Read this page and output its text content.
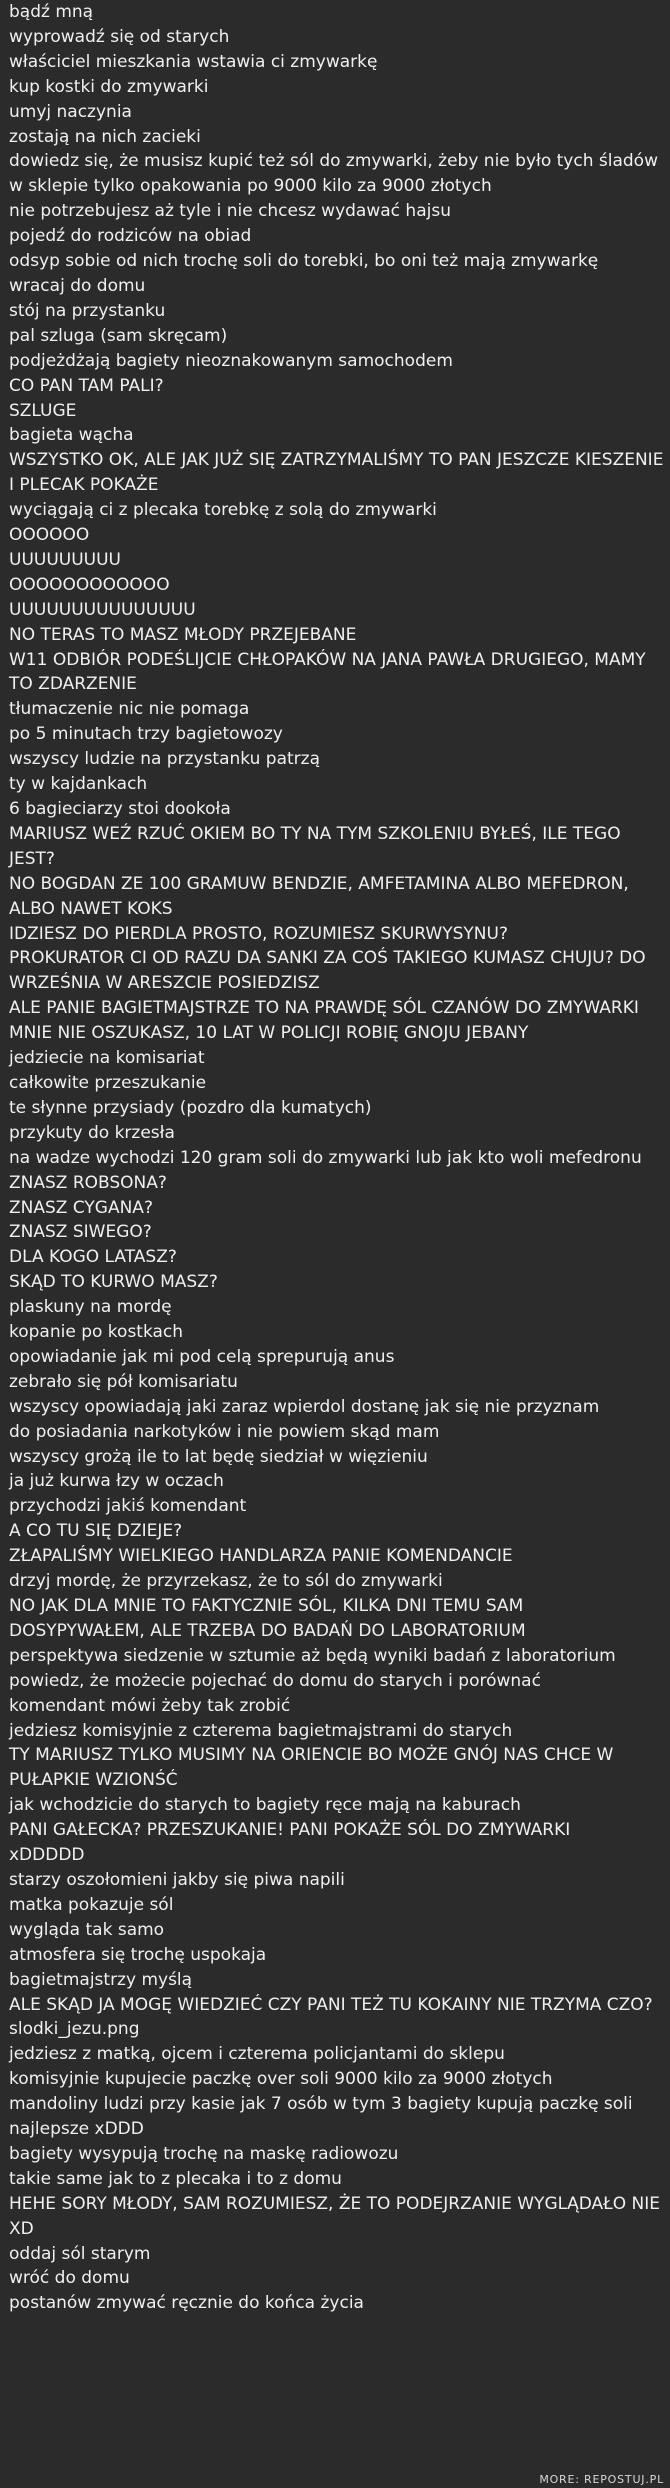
bądź mną
wyprowadź się od starych
właściciel mieszkania wstawia ci zmywarkę
kup kostki do zmywarki
umyj naczynia
zostają na nich zacieki
dowiedz się, że musisz kupić też sól do zmywarki, żeby nie było tych śladów
w sklepie tylko opakowania po 9000 kilo za 9000 złotych
nie potrzebujesz aż tyle i nie chcesz wydawać hajsu
pojedź do rodziców na obiad
odsyp sobie od nich trochę soli do torebki, bo oni też mają zmywarkę
wracaj do domu
stój na przystanku
pal szluga (sam skręcam)
podjeżdżają bagiety nieoznakowanym samochodem
CO PAN TAM PALI?
SZLUGE
bagieta wącha
WSZYSTKO OK, ALE JAK JUŻ SIĘ ZATRZYMALIŚMY TO PAN JESZCZE KIESZENIE I PLECAK POKAŻE
wyciągają ci z plecaka torebkę z solą do zmywarki
OOOOOO
UUUUUUUUU
OOOOOOOOOOOO
UUUUUUUUUUUUUUU
NO TERAS TO MASZ MŁODY PRZEJEBANE
W11 ODBIÓR PODEŚLIJCIE CHŁOPAKÓW NA JANA PAWŁA DRUGIEGO, MAMY TO ZDARZENIE
tłumaczenie nic nie pomaga
po 5 minutach trzy bagietowozy
wszyscy ludzie na przystanku patrzą
ty w kajdankach
6 bagieciarzy stoi dookoła
MARIUSZ WEŹ RZUĆ OKIEM BO TY NA TYM SZKOLENIU BYŁEŚ, ILE TEGO JEST?
NO BOGDAN ZE 100 GRAMUW BENDZIE, AMFETAMINA ALBO MEFEDRON, ALBO NAWET KOKS
IDZIESZ DO PIERDLA PROSTO, ROZUMIESZ SKURWYSYNU?
PROKURATOR CI OD RAZU DA SANKI ZA COŚ TAKIEGO KUMASZ CHUJU? DO WRZEŚNIA W ARESZCIE POSIEDZISZ
ALE PANIE BAGIETMAJSTRZE TO NA PRAWDĘ SÓL CZANÓW DO ZMYWARKI
MNIE NIE OSZUKASZ, 10 LAT W POLICJI ROBIĘ GNOJU JEBANY
jedziecie na komisariat
całkowite przeszukanie
te słynne przysiady (pozdro dla kumatych)
przykuty do krzesła
na wadze wychodzi 120 gram soli do zmywarki lub jak kto woli mefedronu
ZNASZ ROBSONA?
ZNASZ CYGANA?
ZNASZ SIWEGO?
DLA KOGO LATASZ?
SKĄD TO KURWO MASZ?
plaskuny na mordę
kopanie po kostkach
opowiadanie jak mi pod celą sprepurują anus
zebrało się pół komisariatu
wszyscy opowiadają jaki zaraz wpierdol dostanę jak się nie przyznam
do posiadania narkotyków i nie powiem skąd mam
wszyscy grożą ile to lat będę siedział w więzieniu
ja już kurwa łzy w oczach
przychodzi jakiś komendant
A CO TU SIĘ DZIEJE?
ZŁAPALIŚMY WIELKIEGO HANDLARZA PANIE KOMENDANCIE
drzyj mordę, że przyrzekasz, że to sól do zmywarki
NO JAK DLA MNIE TO FAKTYCZNIE SÓL, KILKA DNI TEMU SAM DOSYPYWAŁEM, ALE TRZEBA DO BADAŃ DO LABORATORIUM
perspektywa siedzenie w sztumie aż będą wyniki badań z laboratorium
powiedz, że możecie pojechać do domu do starych i porównać
komendant mówi żeby tak zrobić
jedziesz komisyjnie z czterema bagietmajstrami do starych
TY MARIUSZ TYLKO MUSIMY NA ORIENCIE BO MOŻE GNÓJ NAS CHCE W PUŁAPKIE WZIONŚĆ
jak wchodzicie do starych to bagiety ręce mają na kaburach
PANI GAŁECKA? PRZESZUKANIE! PANI POKAŻE SÓL DO ZMYWARKI
xDDDDD
starzy oszołomieni jakby się piwa napili
matka pokazuje sól
wygląda tak samo
atmosfera się trochę uspokaja
bagietmajstrzy myślą
ALE SKĄD JA MOGĘ WIEDZIEĆ CZY PANI TEŻ TU KOKAINY NIE TRZYMA CZO?
slodki_jezu.png
jedziesz z matką, ojcem i czterema policjantami do sklepu
komisyjnie kupujecie paczkę over soli 9000 kilo za 9000 złotych
mandoliny ludzi przy kasie jak 7 osób w tym 3 bagiety kupują paczkę soli najlepsze xDDD
bagiety wysypują trochę na maskę radiowozu
takie same jak to z plecaka i to z domu
HEHE SORY MŁODY, SAM ROZUMIESZ, ŻE TO PODEJRZANIE WYGLĄDAŁO NIE XD
oddaj sól starym
wróć do domu
postanów zmywać ręcznie do końca życia
MORE: REPOSTUJ.PL
